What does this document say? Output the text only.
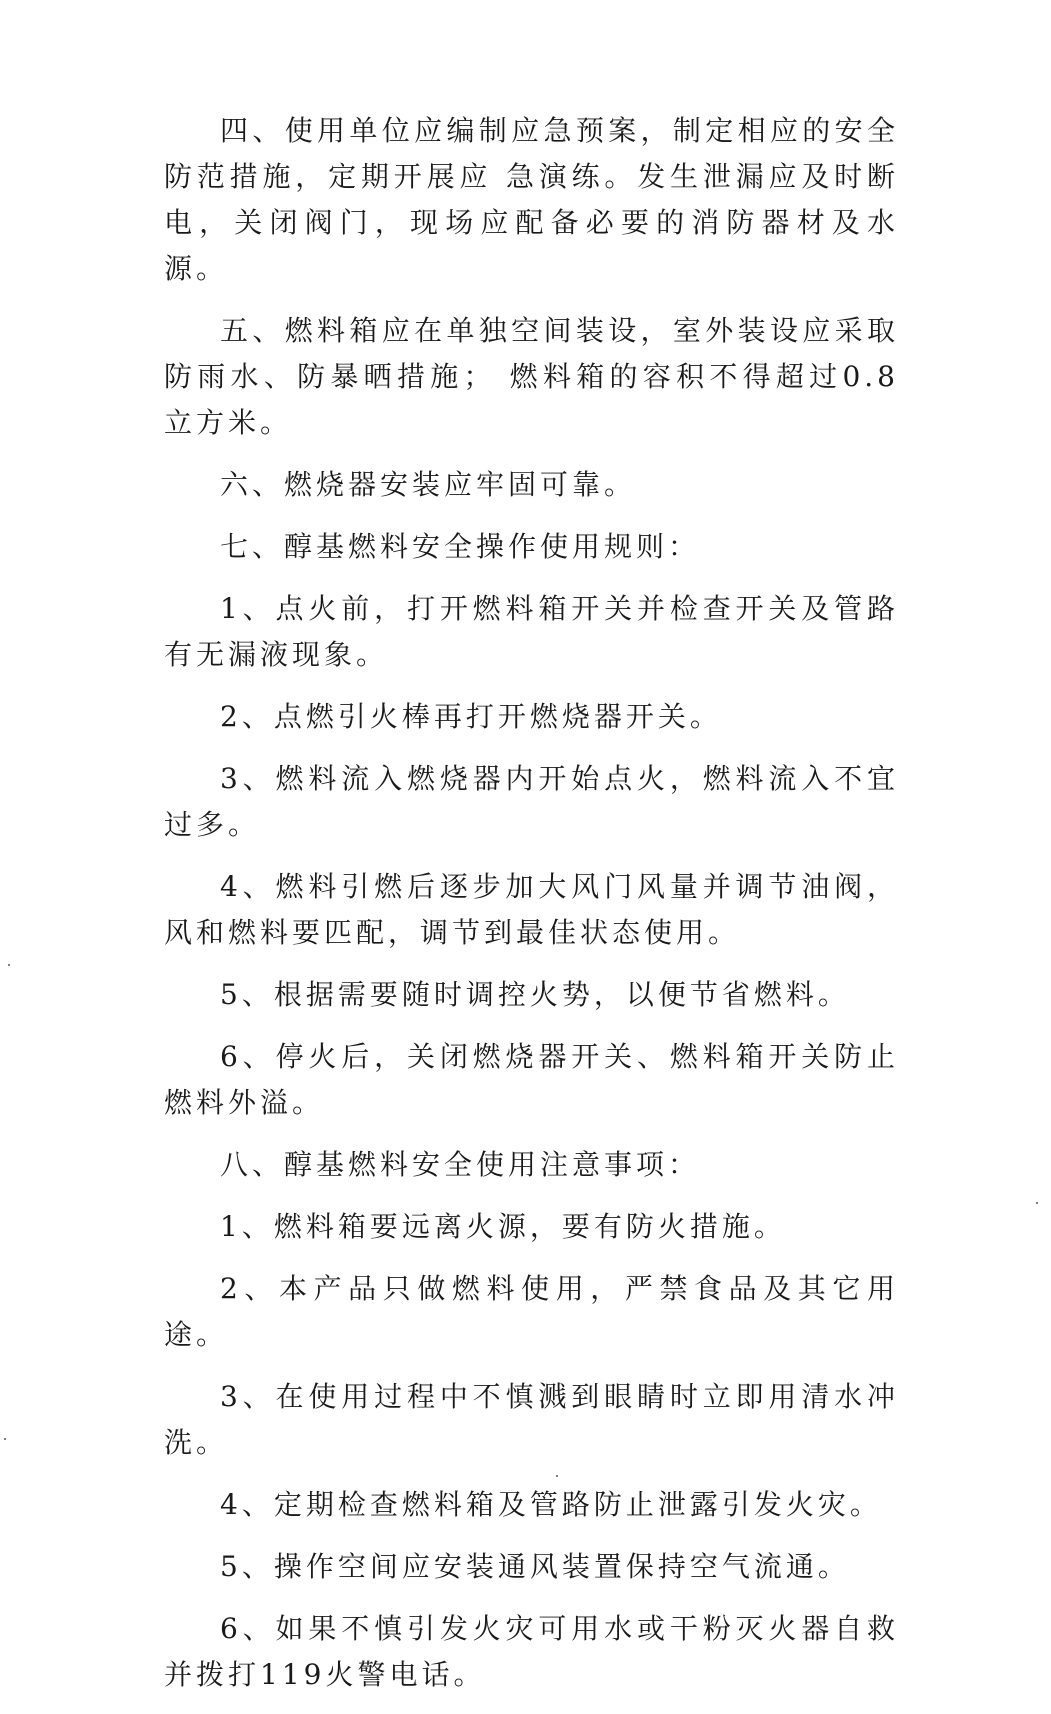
四、使用单位应编制应急预案，制定相应的安全防范措施，定期开展应 急演练。发生泄漏应及时断电，关闭阀门，现场应配备必要的消防器材及水源。

五、燃料箱应在单独空间装设，室外装设应采取防雨水、防暴晒措施； 燃料箱的容积不得超过0.8立方米。

六、燃烧器安装应牢固可靠。

七、醇基燃料安全操作使用规则：

1、点火前，打开燃料箱开关并检查开关及管路有无漏液现象。

2、点燃引火棒再打开燃烧器开关。

3、燃料流入燃烧器内开始点火，燃料流入不宜过多。

4、燃料引燃后逐步加大风门风量并调节油阀，风和燃料要匹配，调节到最佳状态使用。

5、根据需要随时调控火势，以便节省燃料。

6、停火后，关闭燃烧器开关、燃料箱开关防止燃料外溢。

八、醇基燃料安全使用注意事项：

1、燃料箱要远离火源，要有防火措施。

2、本产品只做燃料使用，严禁食品及其它用途。

3、在使用过程中不慎溅到眼睛时立即用清水冲洗。

4、定期检查燃料箱及管路防止泄露引发火灾。

5、操作空间应安装通风装置保持空气流通。

6、如果不慎引发火灾可用水或干粉灭火器自救并拨打119火警电话。
